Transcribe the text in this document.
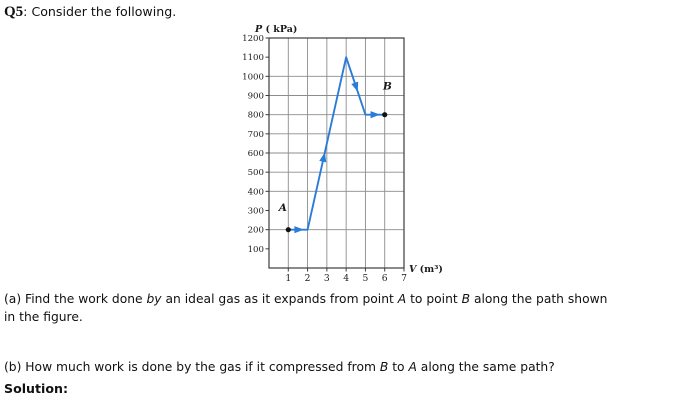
Q5: Consider the following.
100
200
300
400
500
600
700
800
900
1000
1100
1200
1 2 3 4 5 6 7
A
B
P ( kPa)
V (m³)
(a) Find the work done by an ideal gas as it expands from point A to point B along the path shown
in the figure.
(b) How much work is done by the gas if it compressed from B to A along the same path?
Solution:
